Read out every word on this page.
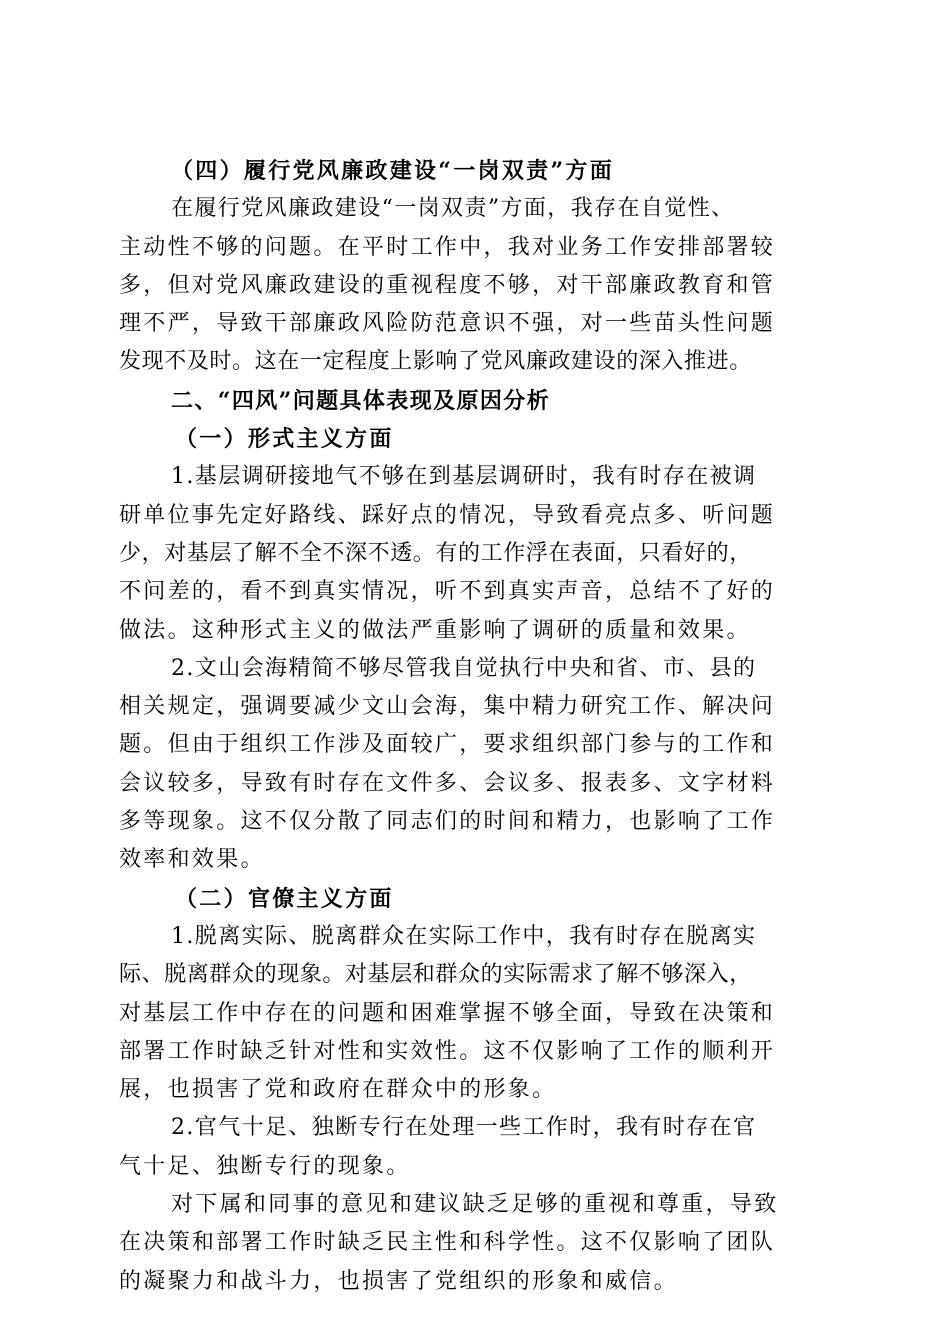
（四）履行党风廉政建设“一岗双责”方面
在履行党风廉政建设“一岗双责”方面，我存在自觉性、
主动性不够的问题。在平时工作中，我对业务工作安排部署较
多，但对党风廉政建设的重视程度不够，对干部廉政教育和管
理不严，导致干部廉政风险防范意识不强，对一些苗头性问题
发现不及时。这在一定程度上影响了党风廉政建设的深入推进。
二、“四风”问题具体表现及原因分析
（一）形式主义方面
1.基层调研接地气不够在到基层调研时，我有时存在被调
研单位事先定好路线、踩好点的情况，导致看亮点多、听问题
少，对基层了解不全不深不透。有的工作浮在表面，只看好的，
不问差的，看不到真实情况，听不到真实声音，总结不了好的
做法。这种形式主义的做法严重影响了调研的质量和效果。
2.文山会海精简不够尽管我自觉执行中央和省、市、县的
相关规定，强调要减少文山会海，集中精力研究工作、解决问
题。但由于组织工作涉及面较广，要求组织部门参与的工作和
会议较多，导致有时存在文件多、会议多、报表多、文字材料
多等现象。这不仅分散了同志们的时间和精力，也影响了工作
效率和效果。
（二）官僚主义方面
1.脱离实际、脱离群众在实际工作中，我有时存在脱离实
际、脱离群众的现象。对基层和群众的实际需求了解不够深入，
对基层工作中存在的问题和困难掌握不够全面，导致在决策和
部署工作时缺乏针对性和实效性。这不仅影响了工作的顺利开
展，也损害了党和政府在群众中的形象。
2.官气十足、独断专行在处理一些工作时，我有时存在官
气十足、独断专行的现象。
对下属和同事的意见和建议缺乏足够的重视和尊重，导致
在决策和部署工作时缺乏民主性和科学性。这不仅影响了团队
的凝聚力和战斗力，也损害了党组织的形象和威信。
